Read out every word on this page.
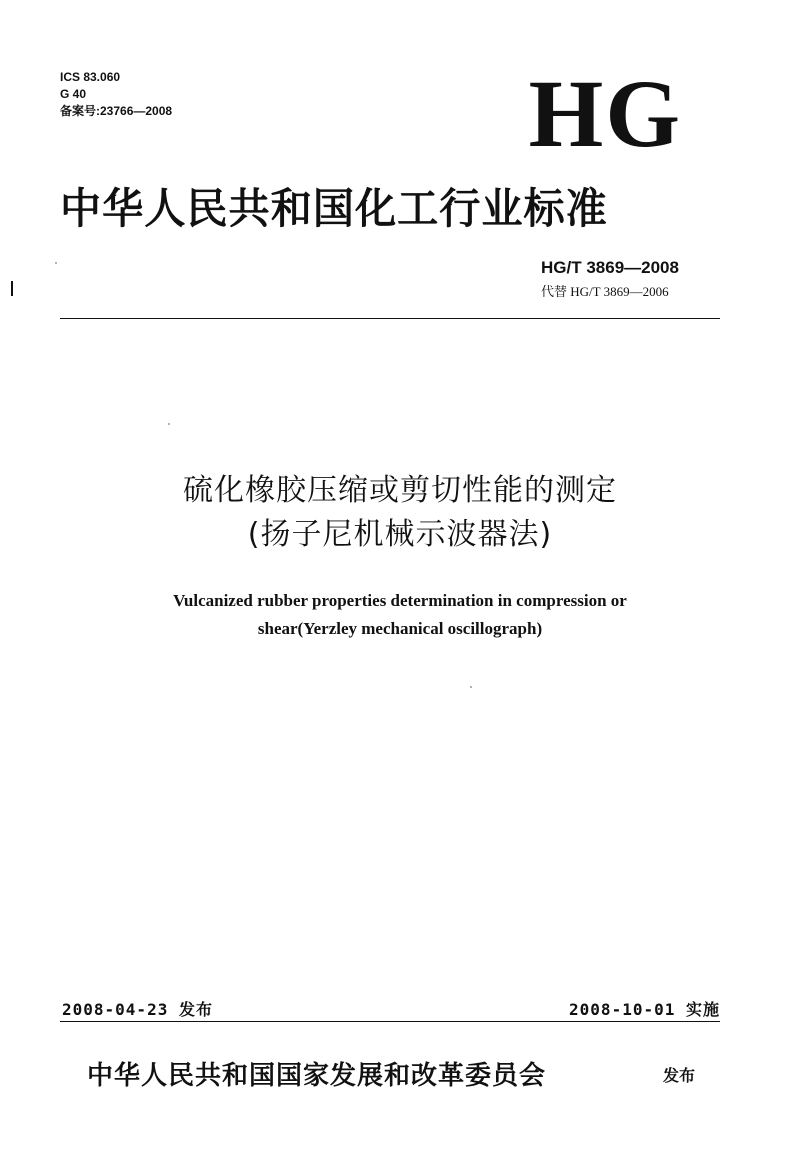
ICS 83.060
G 40
备案号:23766—2008	HG
中华人民共和国化工行业标准
HG/T 3869—2008
代替 HG/T 3869—2006
硫化橡胶压缩或剪切性能的测定
(扬子尼机械示波器法)
Vulcanized rubber properties determination in compression or
shear(Yerzley mechanical oscillograph)
2008-04-23 发布	2008-10-01 实施
中华人民共和国国家发展和改革委员会	发布
